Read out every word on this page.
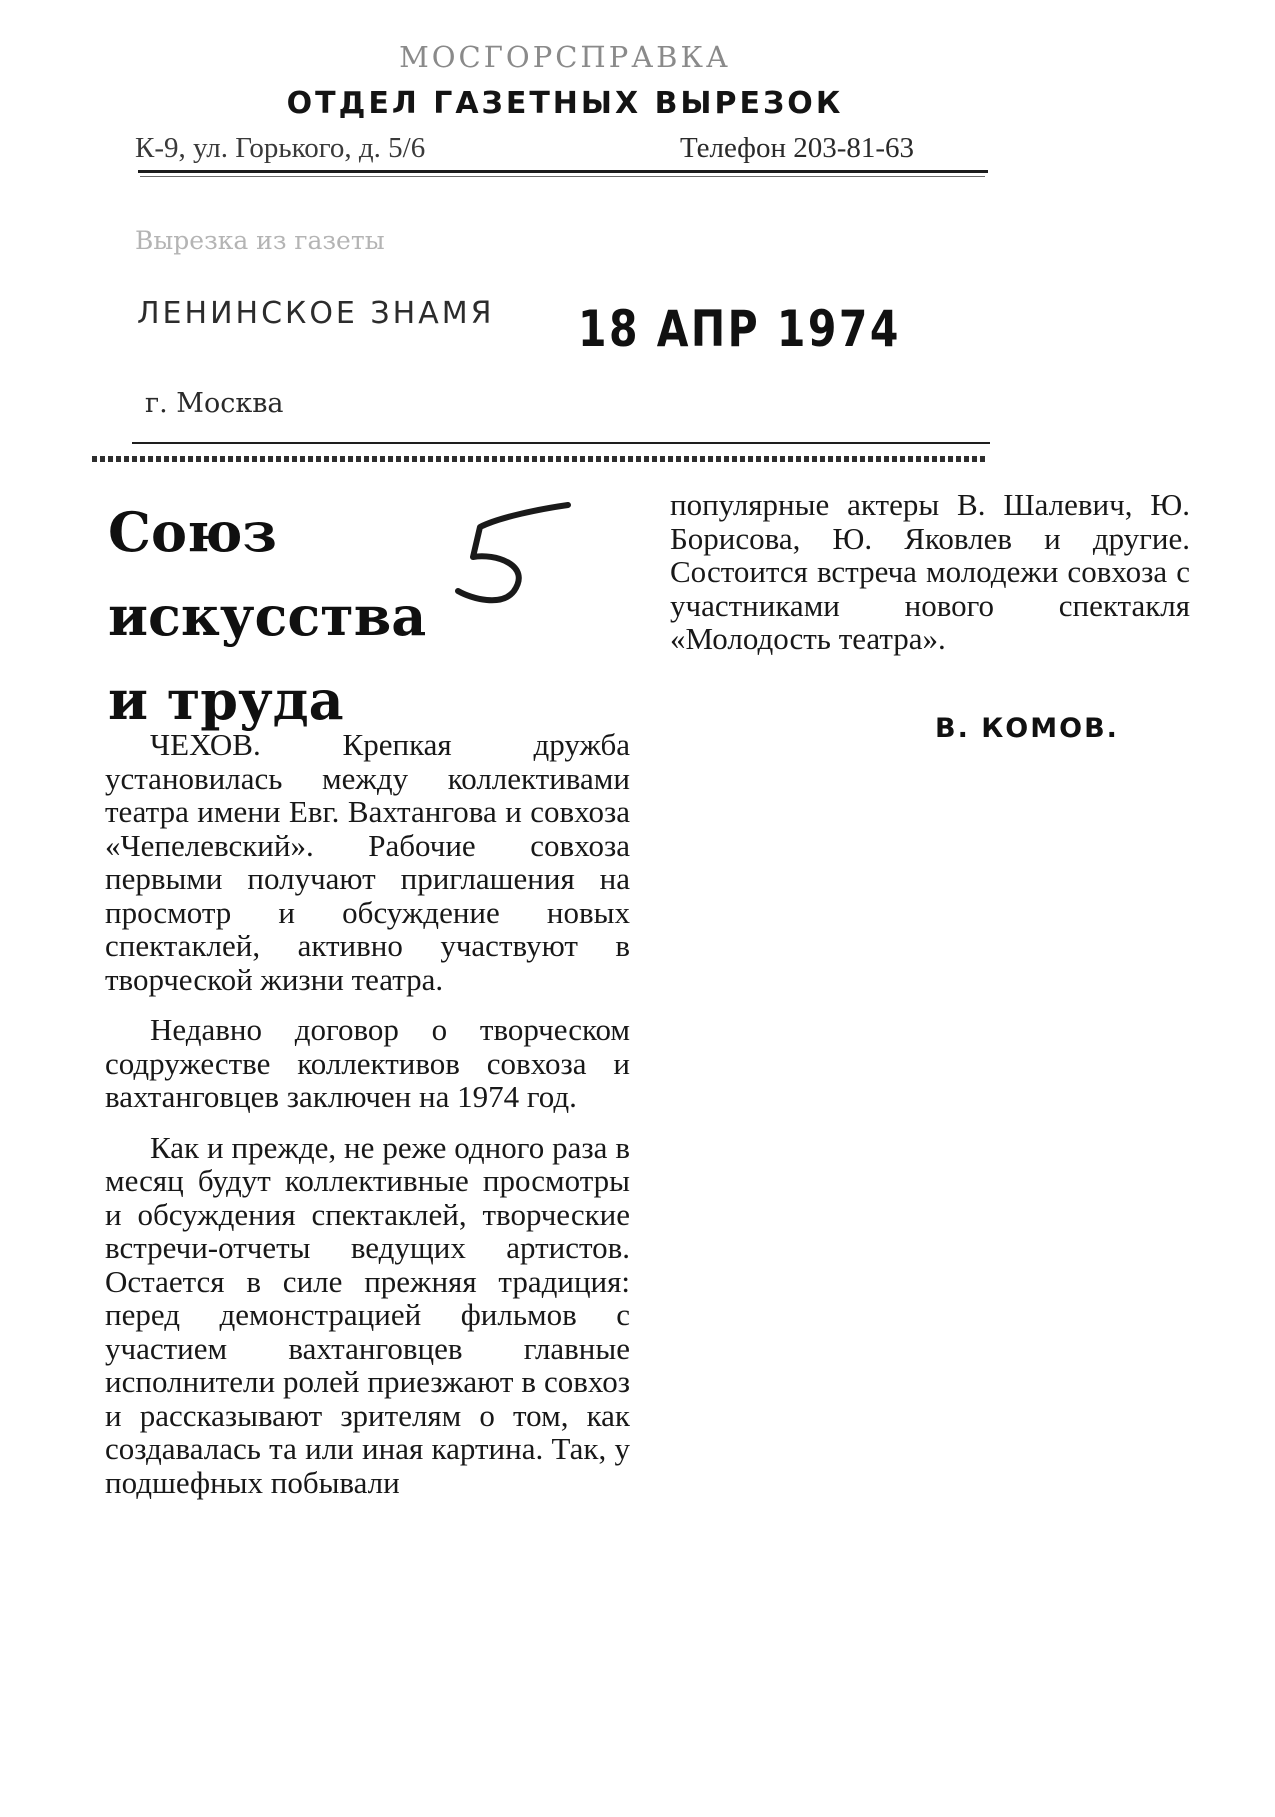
МОСГОРСПРАВКА
ОТДЕЛ ГАЗЕТНЫХ ВЫРЕЗОК
К-9, ул. Горького, д. 5/6	Телефон 203-81-63
Вырезка из газеты
ЛЕНИНСКОЕ ЗНАМЯ 18 АПР 1974
г. Москва
Союз
искусства
и труда

ЧЕХОВ. Крепкая дружба установилась между коллективами театра имени Евг. Вахтангова и совхоза «Чепелевский». Рабочие совхоза первыми получают приглашения на просмотр и обсуждение новых спектаклей, активно участвуют в творческой жизни театра.

Недавно договор о творческом содружестве коллективов совхоза и вахтанговцев заключен на 1974 год.

Как и прежде, не реже одного раза в месяц будут коллективные просмотры и обсуждения спектаклей, творческие встречи-отчеты ведущих артистов. Остается в силе прежняя традиция: перед демонстрацией фильмов с участием вахтанговцев главные исполнители ролей приезжают в совхоз и рассказывают зрителям о том, как создавалась та или иная картина. Так, у подшефных побывали

популярные актеры В. Шалевич, Ю. Борисова, Ю. Яковлев и другие. Состоится встреча молодежи совхоза с участниками нового спектакля «Молодость театра».

В. КОМОВ.
